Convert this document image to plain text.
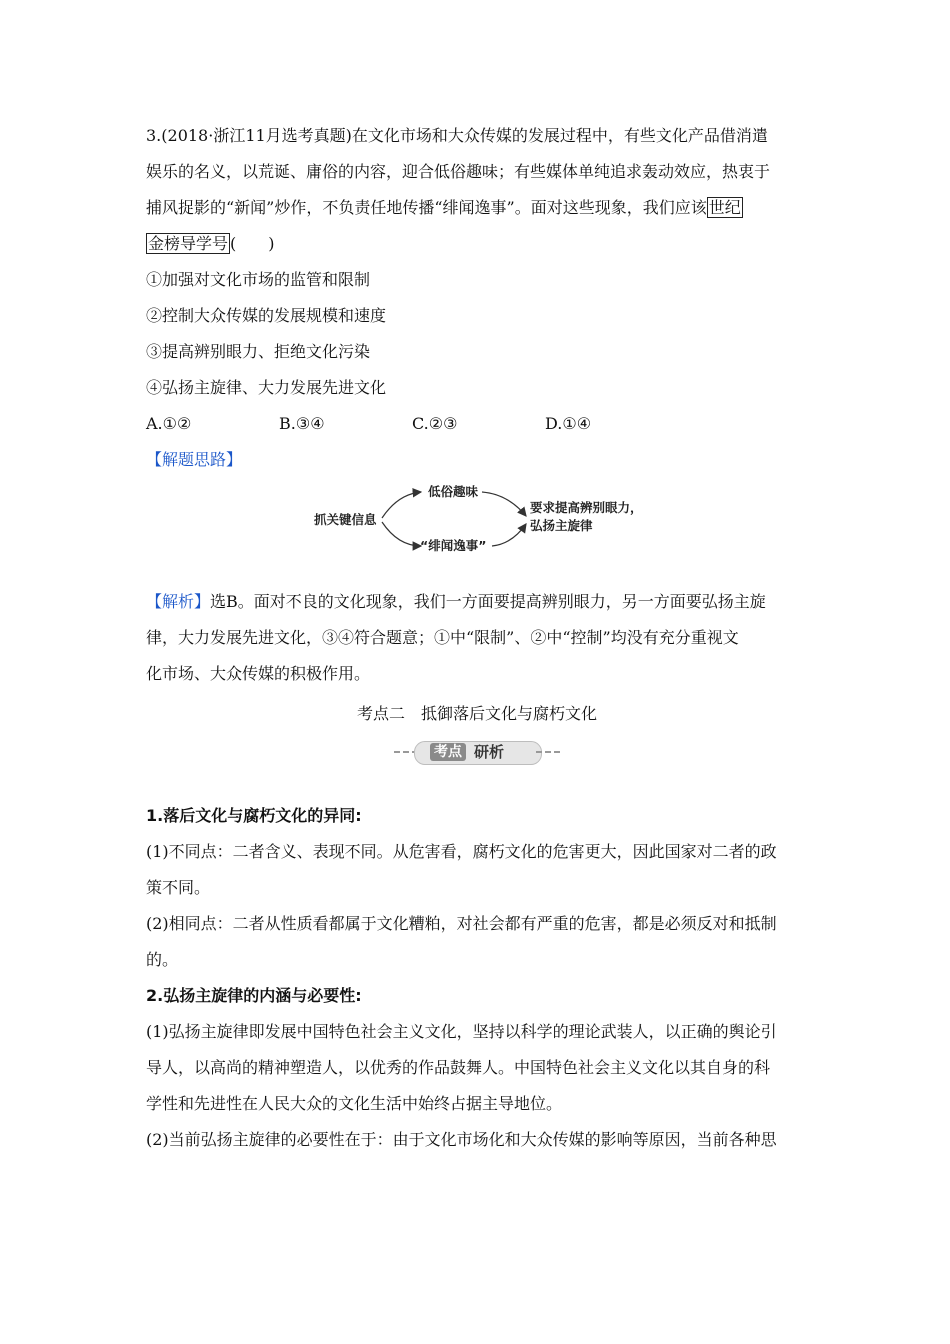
3.(2018·浙江11月选考真题)在文化市场和大众传媒的发展过程中，有些文化产品借消遣

娱乐的名义，以荒诞、庸俗的内容，迎合低俗趣味；有些媒体单纯追求轰动效应，热衷于

捕风捉影的“新闻”炒作，不负责任地传播“绯闻逸事”。面对这些现象，我们应该 世纪

金榜导学号 (　　)

①加强对文化市场的监管和限制

②控制大众传媒的发展规模和速度

③提高辨别眼力、拒绝文化污染

④弘扬主旋律、大力发展先进文化

A.①②	B.③④	C.②③	D.①④

【解题思路】

抓关键信息
低俗趣味
“绯闻逸事”
要求提高辨别眼力，
弘扬主旋律

【解析】选B。面对不良的文化现象，我们一方面要提高辨别眼力，另一方面要弘扬主旋

律，大力发展先进文化，③④符合题意；①中“限制”、②中“控制”均没有充分重视文

化市场、大众传媒的积极作用。

考点二　抵御落后文化与腐朽文化

考点 研析

1.落后文化与腐朽文化的异同:

(1)不同点：二者含义、表现不同。从危害看，腐朽文化的危害更大，因此国家对二者的政

策不同。

(2)相同点：二者从性质看都属于文化糟粕，对社会都有严重的危害，都是必须反对和抵制

的。

2.弘扬主旋律的内涵与必要性:

(1)弘扬主旋律即发展中国特色社会主义文化，坚持以科学的理论武装人，以正确的舆论引

导人，以高尚的精神塑造人，以优秀的作品鼓舞人。中国特色社会主义文化以其自身的科

学性和先进性在人民大众的文化生活中始终占据主导地位。

(2)当前弘扬主旋律的必要性在于：由于文化市场化和大众传媒的影响等原因，当前各种思
